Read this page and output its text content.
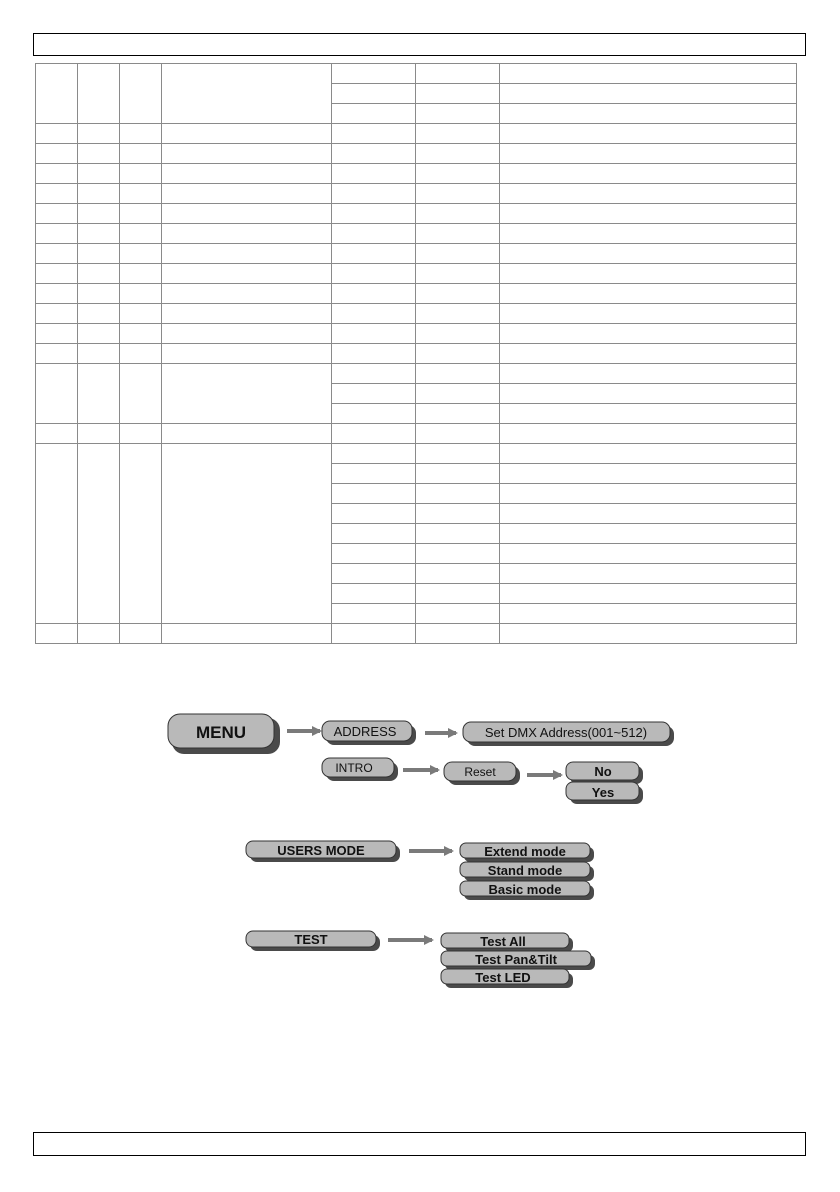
MENU	ADDRESS	Set DMX Address(001~512)
INTRO	Reset	No
Yes
USERS MODE	Extend mode
Stand mode
Basic mode
TEST	Test All
Test Pan&Tilt
Test LED
